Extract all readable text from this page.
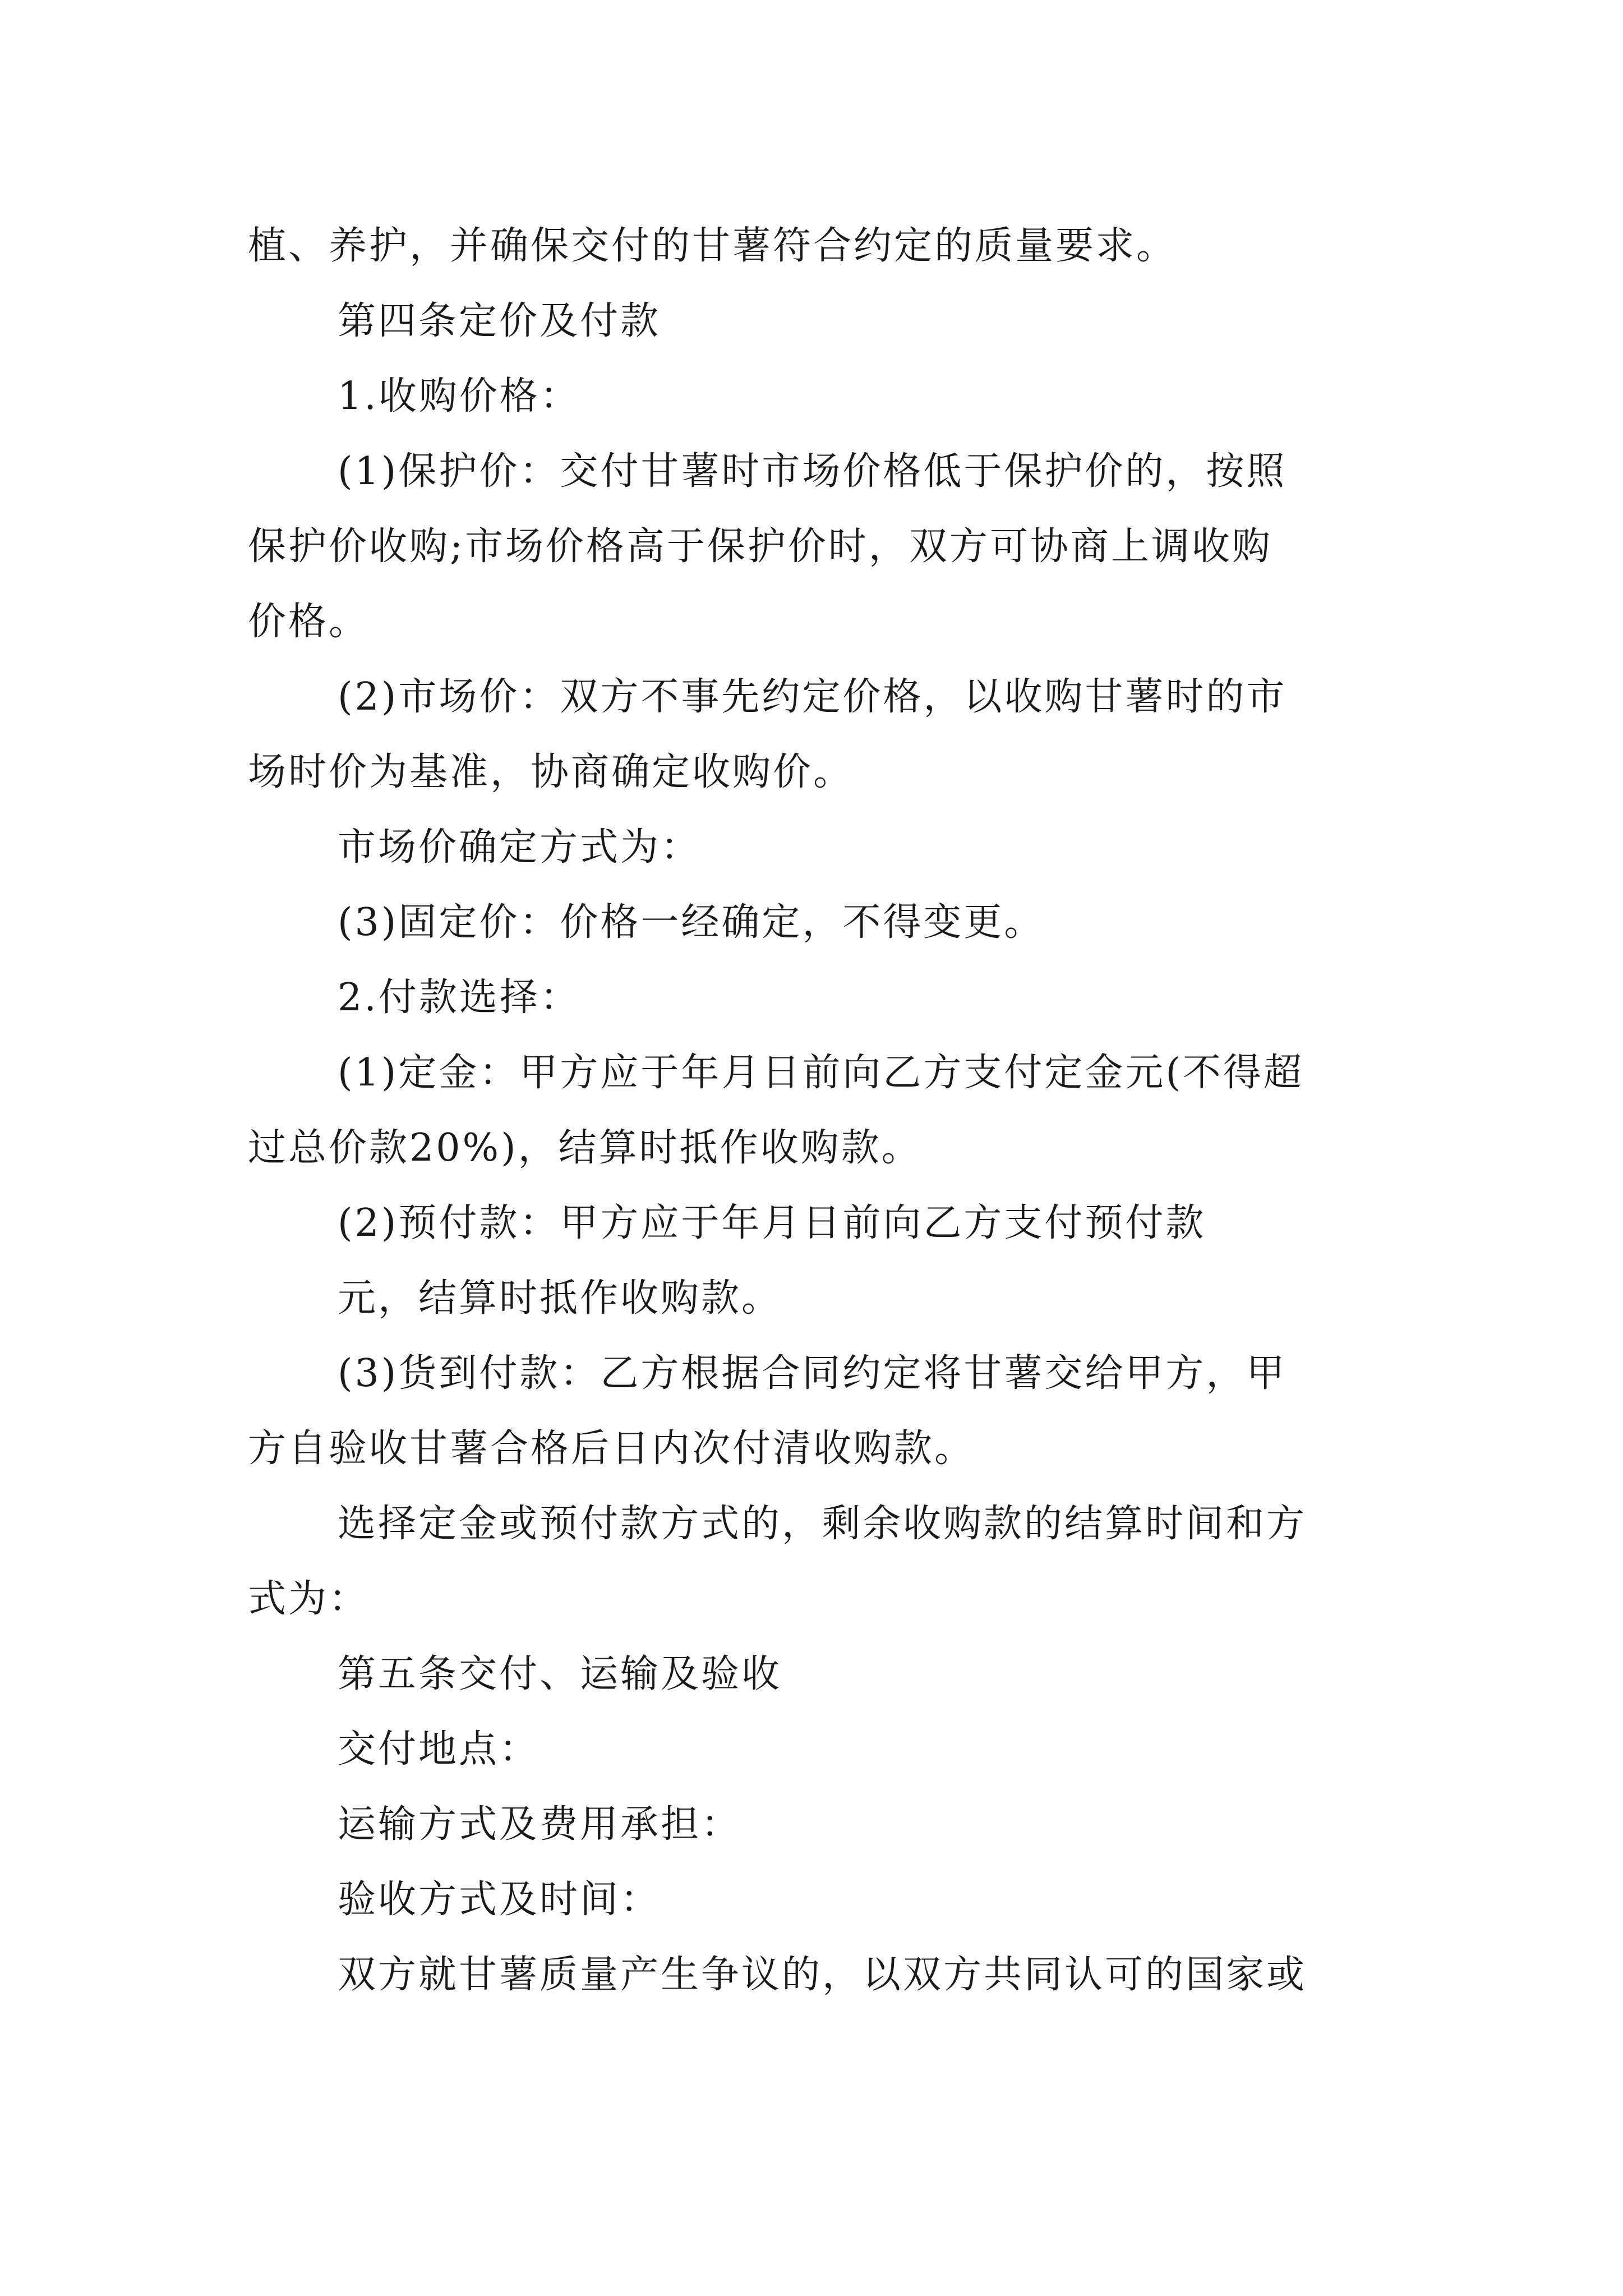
植、养护，并确保交付的甘薯符合约定的质量要求。
第四条定价及付款
1.收购价格：
(1)保护价：交付甘薯时市场价格低于保护价的，按照
保护价收购;市场价格高于保护价时，双方可协商上调收购
价格。
(2)市场价：双方不事先约定价格，以收购甘薯时的市
场时价为基准，协商确定收购价。
市场价确定方式为：
(3)固定价：价格一经确定，不得变更。
2.付款选择：
(1)定金：甲方应于年月日前向乙方支付定金元(不得超
过总价款20%)，结算时抵作收购款。
(2)预付款：甲方应于年月日前向乙方支付预付款
元，结算时抵作收购款。
(3)货到付款：乙方根据合同约定将甘薯交给甲方，甲
方自验收甘薯合格后日内次付清收购款。
选择定金或预付款方式的，剩余收购款的结算时间和方
式为：
第五条交付、运输及验收
交付地点：
运输方式及费用承担：
验收方式及时间：
双方就甘薯质量产生争议的，以双方共同认可的国家或
